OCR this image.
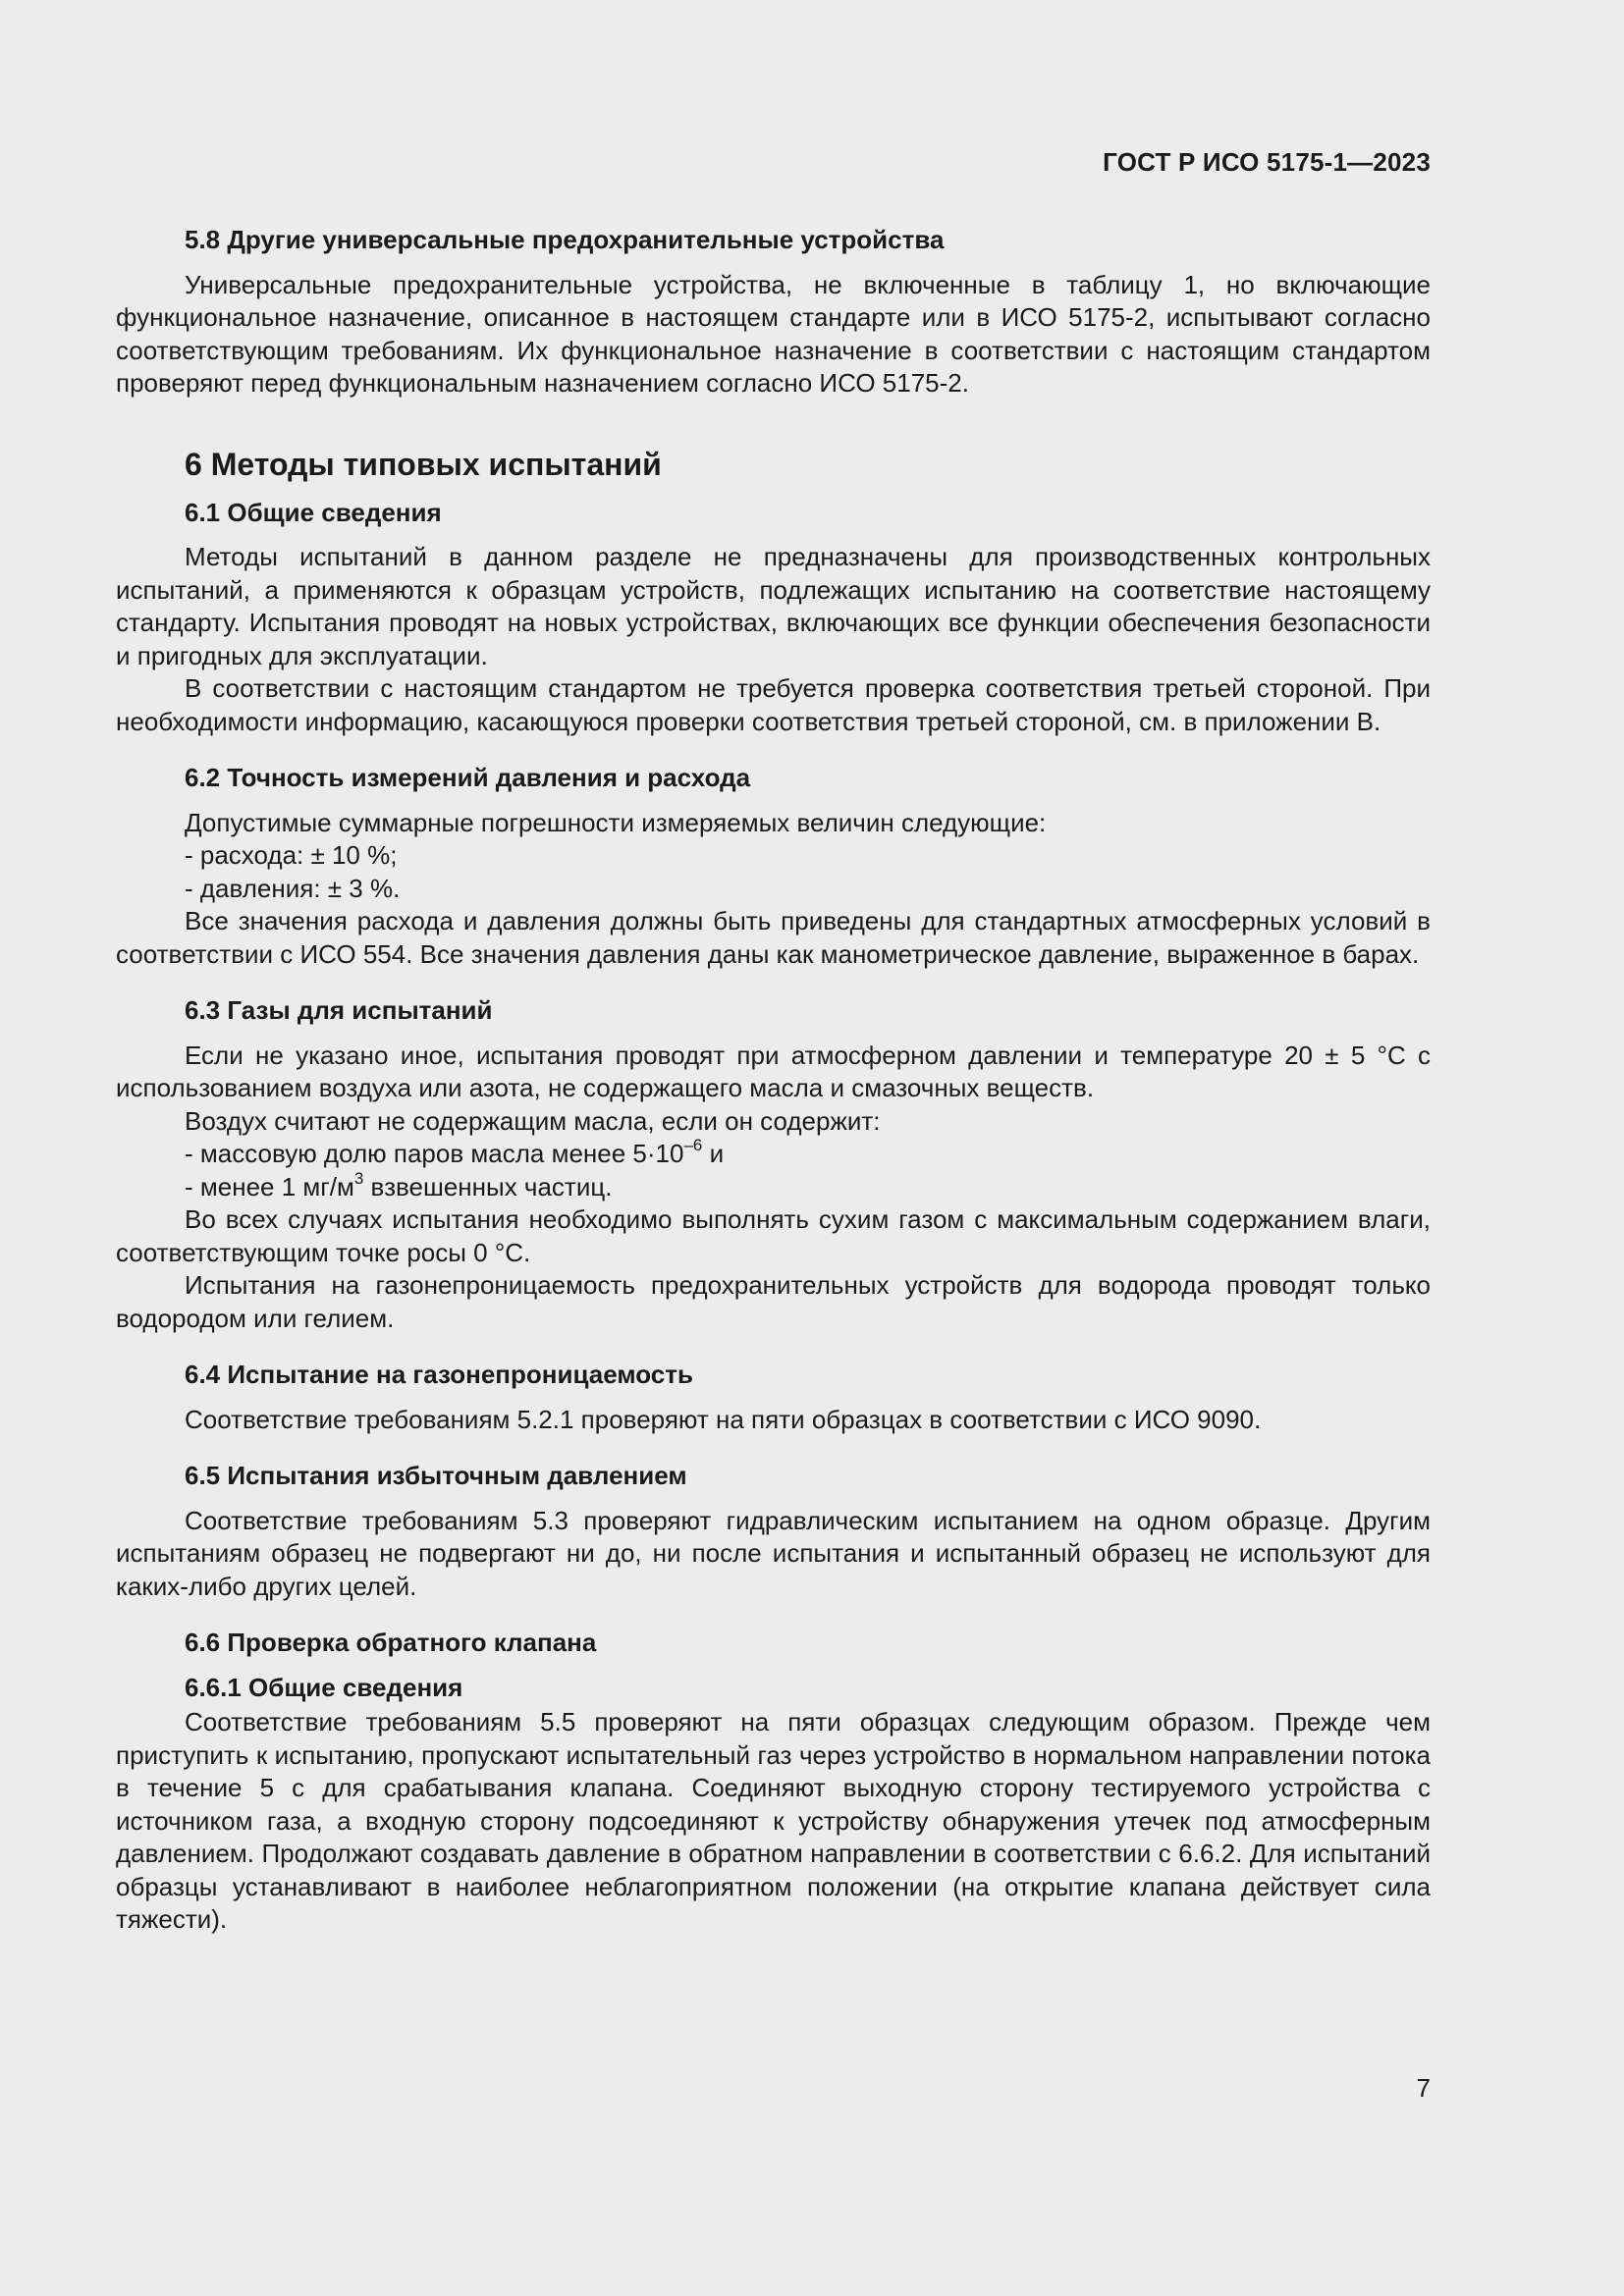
ГОСТ Р ИСО 5175-1—2023
5.8 Другие универсальные предохранительные устройства

Универсальные предохранительные устройства, не включенные в таблицу 1, но включающие функциональное назначение, описанное в настоящем стандарте или в ИСО 5175-2, испытывают согласно соответствующим требованиям. Их функциональное назначение в соответствии с настоящим стандартом проверяют перед функциональным назначением согласно ИСО 5175-2.

6 Методы типовых испытаний
6.1 Общие сведения

Методы испытаний в данном разделе не предназначены для производственных контрольных испытаний, а применяются к образцам устройств, подлежащих испытанию на соответствие настоящему стандарту. Испытания проводят на новых устройствах, включающих все функции обеспечения безопасности и пригодных для эксплуатации.

В соответствии с настоящим стандартом не требуется проверка соответствия третьей стороной. При необходимости информацию, касающуюся проверки соответствия третьей стороной, см. в приложении В.

6.2 Точность измерений давления и расхода

Допустимые суммарные погрешности измеряемых величин следующие:

- расхода: ± 10 %;

- давления: ± 3 %.

Все значения расхода и давления должны быть приведены для стандартных атмосферных условий в соответствии с ИСО 554. Все значения давления даны как манометрическое давление, выраженное в барах.

6.3 Газы для испытаний

Если не указано иное, испытания проводят при атмосферном давлении и температуре 20 ± 5 °С с использованием воздуха или азота, не содержащего масла и смазочных веществ.

Воздух считают не содержащим масла, если он содержит:

- массовую долю паров масла менее $5\cdot 10^{-6}$ и

- менее 1 $мг/м^3$ взвешенных частиц.

Во всех случаях испытания необходимо выполнять сухим газом с максимальным содержанием влаги, соответствующим точке росы 0 °С.

Испытания на газонепроницаемость предохранительных устройств для водорода проводят только водородом или гелием.

6.4 Испытание на газонепроницаемость

Соответствие требованиям 5.2.1 проверяют на пяти образцах в соответствии с ИСО 9090.

6.5 Испытания избыточным давлением

Соответствие требованиям 5.3 проверяют гидравлическим испытанием на одном образце. Другим испытаниям образец не подвергают ни до, ни после испытания и испытанный образец не используют для каких-либо других целей.

6.6 Проверка обратного клапана
6.6.1 Общие сведения

Соответствие требованиям 5.5 проверяют на пяти образцах следующим образом. Прежде чем приступить к испытанию, пропускают испытательный газ через устройство в нормальном направлении потока в течение 5 с для срабатывания клапана. Соединяют выходную сторону тестируемого устройства с источником газа, а входную сторону подсоединяют к устройству обнаружения утечек под атмосферным давлением. Продолжают создавать давление в обратном направлении в соответствии с 6.6.2. Для испытаний образцы устанавливают в наиболее неблагоприятном положении (на открытие клапана действует сила тяжести).

7
